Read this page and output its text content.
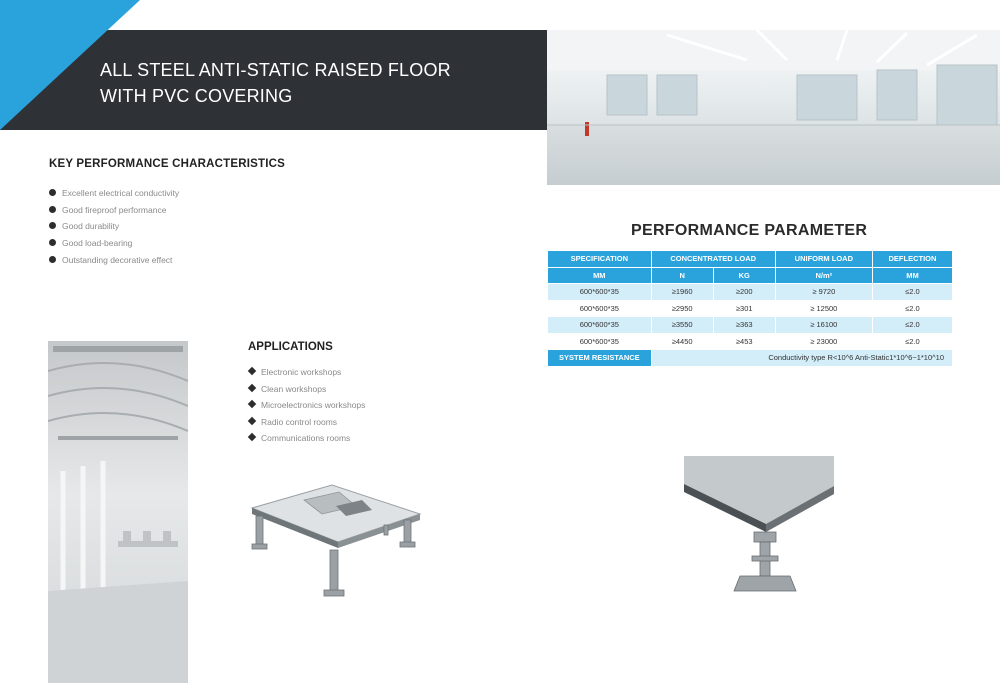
ALL STEEL ANTI-STATIC RAISED FLOOR
WITH PVC COVERING
KEY PERFORMANCE CHARACTERISTICS
Excellent electrical conductivity
Good fireproof performance
Good durability
Good load-bearing
Outstanding decorative effect
PERFORMANCE PARAMETER
SPECIFICATION	CONCENTRATED LOAD		UNIFORM LOAD	DEFLECTION
MM	N	KG	N/m²	MM
600*600*35	≥1960	≥200	≥ 9720	≤2.0
600*600*35	≥2950	≥301	≥ 12500	≤2.0
600*600*35	≥3550	≥363	≥ 16100	≤2.0
600*600*35	≥4450	≥453	≥ 23000	≤2.0
SYSTEM RESISTANCE	Conductivity type R<10^6 Anti-Static1*10^6~1*10^10			
APPLICATIONS
Electronic workshops
Clean workshops
Microelectronics workshops
Radio control rooms
Communications rooms
